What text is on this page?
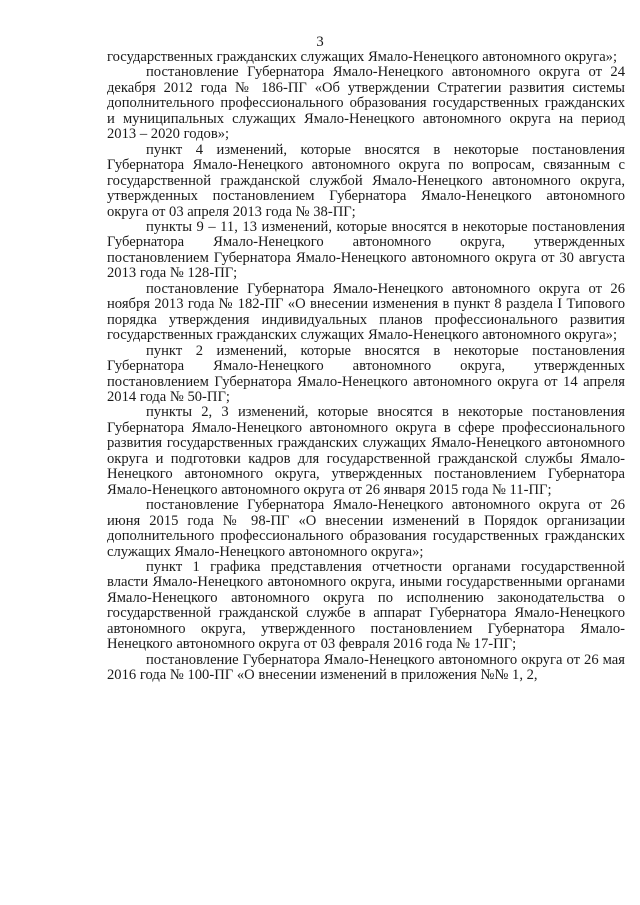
3

государственных гражданских служащих Ямало-Ненецкого автономного округа»;

постановление Губернатора Ямало-Ненецкого автономного округа от 24 декабря 2012 года № 186-ПГ «Об утверждении Стратегии развития системы дополнительного профессионального образования государственных гражданских и муниципальных служащих Ямало-Ненецкого автономного округа на период 2013 – 2020 годов»;

пункт 4 изменений, которые вносятся в некоторые постановления Губернатора Ямало-Ненецкого автономного округа по вопросам, связанным с государственной гражданской службой Ямало-Ненецкого автономного округа, утвержденных постановлением Губернатора Ямало-Ненецкого автономного округа от 03 апреля 2013 года № 38-ПГ;

пункты 9 – 11, 13 изменений, которые вносятся в некоторые постановления Губернатора Ямало-Ненецкого автономного округа, утвержденных постановлением Губернатора Ямало-Ненецкого автономного округа от 30 августа 2013 года № 128-ПГ;

постановление Губернатора Ямало-Ненецкого автономного округа от 26 ноября 2013 года № 182-ПГ «О внесении изменения в пункт 8 раздела I Типового порядка утверждения индивидуальных планов профессионального развития государственных гражданских служащих Ямало-Ненецкого автономного округа»;

пункт 2 изменений, которые вносятся в некоторые постановления Губернатора Ямало-Ненецкого автономного округа, утвержденных постановлением Губернатора Ямало-Ненецкого автономного округа от 14 апреля 2014 года № 50-ПГ;

пункты 2, 3 изменений, которые вносятся в некоторые постановления Губернатора Ямало-Ненецкого автономного округа в сфере профессионального развития государственных гражданских служащих Ямало-Ненецкого автономного округа и подготовки кадров для государственной гражданской службы Ямало-Ненецкого автономного округа, утвержденных постановлением Губернатора Ямало-Ненецкого автономного округа от 26 января 2015 года № 11-ПГ;

постановление Губернатора Ямало-Ненецкого автономного округа от 26 июня 2015 года № 98-ПГ «О внесении изменений в Порядок организации дополнительного профессионального образования государственных гражданских служащих Ямало-Ненецкого автономного округа»;

пункт 1 графика представления отчетности органами государственной власти Ямало-Ненецкого автономного округа, иными государственными органами Ямало-Ненецкого автономного округа по исполнению законодательства о государственной гражданской службе в аппарат Губернатора Ямало-Ненецкого автономного округа, утвержденного постановлением Губернатора Ямало-Ненецкого автономного округа от 03 февраля 2016 года № 17-ПГ;

постановление Губернатора Ямало-Ненецкого автономного округа от 26 мая 2016 года № 100-ПГ «О внесении изменений в приложения №№ 1, 2,
